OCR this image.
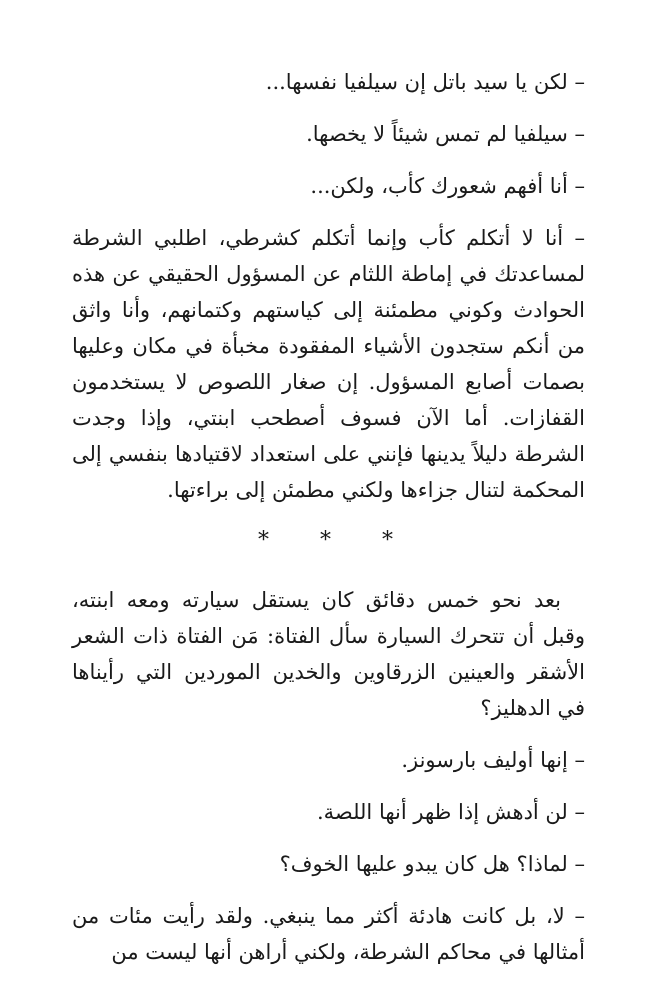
– لكن يا سيد باتل إن سيلفيا نفسها...

– سيلفيا لم تمس شيئاً لا يخصها.

– أنا أفهم شعورك كأب، ولكن...

– أنا لا أتكلم كأب وإنما أتكلم كشرطي، اطلبي الشرطة لمساعدتك في إماطة اللثام عن المسؤول الحقيقي عن هذه الحوادث وكوني مطمئنة إلى كياستهم وكتمانهم، وأنا واثق من أنكم ستجدون الأشياء المفقودة مخبأة في مكان وعليها بصمات أصابع المسؤول. إن صغار اللصوص لا يستخدمون القفازات. أما الآن فسوف أصطحب ابنتي، وإذا وجدت الشرطة دليلاً يدينها فإنني على استعداد لاقتيادها بنفسي إلى المحكمة لتنال جزاءها ولكني مطمئن إلى براءتها.

* * *

بعد نحو خمس دقائق كان يستقل سيارته ومعه ابنته، وقبل أن تتحرك السيارة سأل الفتاة: مَن الفتاة ذات الشعر الأشقر والعينين الزرقاوين والخدين الموردين التي رأيناها في الدهليز؟

– إنها أوليف بارسونز.

– لن أدهش إذا ظهر أنها اللصة.

– لماذا؟ هل كان يبدو عليها الخوف؟

– لا، بل كانت هادئة أكثر مما ينبغي. ولقد رأيت مئات من أمثالها في محاكم الشرطة، ولكني أراهن أنها ليست من
